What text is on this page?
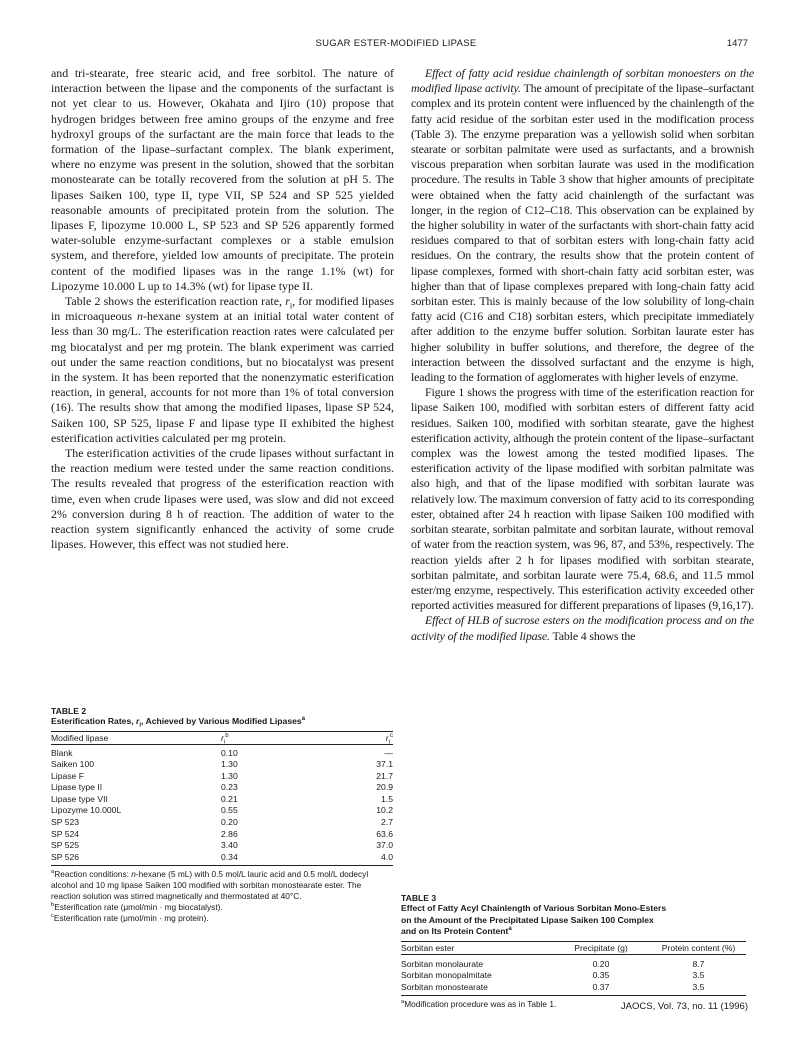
SUGAR ESTER-MODIFIED LIPASE	1477

and tri-stearate, free stearic acid, and free sorbitol. The nature of interaction between the lipase and the components of the surfactant is not yet clear to us. However, Okahata and Ijiro (10) propose that hydrogen bridges between free amino groups of the enzyme and free hydroxyl groups of the surfactant are the main force that leads to the formation of the lipase–surfactant complex. The blank experiment, where no enzyme was present in the solution, showed that the sorbitan monostearate can be totally recovered from the solution at pH 5. The lipases Saiken 100, type II, type VII, SP 524 and SP 525 yielded reasonable amounts of precipitated protein from the solution. The lipases F, lipozyme 10.000 L, SP 523 and SP 526 apparently formed water-soluble enzyme-surfactant complexes or a stable emulsion system, and therefore, yielded low amounts of precipitate. The protein content of the modified lipases was in the range 1.1% (wt) for Lipozyme 10.000 L up to 14.3% (wt) for lipase type II.

Table 2 shows the esterification reaction rate, $r_i$, for modified lipases in microaqueous n-hexane system at an initial total water content of less than 30 mg/L. The esterification reaction rates were calculated per mg biocatalyst and per mg protein. The blank experiment was carried out under the same reaction conditions, but no biocatalyst was present in the system. It has been reported that the nonenzymatic esterification reaction, in general, accounts for not more than 1% of total conversion (16). The results show that among the modified lipases, lipase SP 524, Saiken 100, SP 525, lipase F and lipase type II exhibited the highest esterification activities calculated per mg protein.

The esterification activities of the crude lipases without surfactant in the reaction medium were tested under the same reaction conditions. The results revealed that progress of the esterification reaction with time, even when crude lipases were used, was slow and did not exceed 2% conversion during 8 h of reaction. The addition of water to the reaction system significantly enhanced the activity of some crude lipases. However, this effect was not studied here.

Effect of fatty acid residue chainlength of sorbitan monoesters on the modified lipase activity. The amount of precipitate of the lipase–surfactant complex and its protein content were influenced by the chainlength of the fatty acid residue of the sorbitan ester used in the modification process (Table 3). The enzyme preparation was a yellowish solid when sorbitan stearate or sorbitan palmitate were used as surfactants, and a brownish viscous preparation when sorbitan laurate was used in the modification procedure. The results in Table 3 show that higher amounts of precipitate were obtained when the fatty acid chainlength of the surfactant was longer, in the region of C12–C18. This observation can be explained by the higher solubility in water of the surfactants with short-chain fatty acid residues compared to that of sorbitan esters with long-chain fatty acid residues. On the contrary, the results show that the protein content of lipase complexes, formed with short-chain fatty acid sorbitan ester, was higher than that of lipase complexes prepared with long-chain fatty acid sorbitan ester. This is mainly because of the low solubility of long-chain fatty acid (C16 and C18) sorbitan esters, which precipitate immediately after addition to the enzyme buffer solution. Sorbitan laurate ester has higher solubility in buffer solutions, and therefore, the degree of the interaction between the dissolved surfactant and the enzyme is high, leading to the formation of agglomerates with higher levels of enzyme.

Figure 1 shows the progress with time of the esterification reaction for lipase Saiken 100, modified with sorbitan esters of different fatty acid residues. Saiken 100, modified with sorbitan stearate, gave the highest esterification activity, although the protein content of the lipase–surfactant complex was the lowest among the tested modified lipases. The esterification activity of the lipase modified with sorbitan palmitate was also high, and that of the lipase modified with sorbitan laurate was relatively low. The maximum conversion of fatty acid to its corresponding ester, obtained after 24 h reaction with lipase Saiken 100 modified with sorbitan stearate, sorbitan palmitate and sorbitan laurate, without removal of water from the reaction system, was 96, 87, and 53%, respectively. The reaction yields after 2 h for lipases modified with sorbitan stearate, sorbitan palmitate, and sorbitan laurate were 75.4, 68.6, and 11.5 mmol ester/mg enzyme, respectively. This esterification activity exceeded other reported activities measured for different preparations of lipases (9,16,17).

Effect of HLB of sucrose esters on the modification process and on the activity of the modified lipase. Table 4 shows the

TABLE 2
Esterification Rates, $r_i$, Achieved by Various Modified Lipases$^a$
Modified lipase	$r_i^b$	$r_i^c$
Blank	0.10	—
Saiken 100	1.30	37.1
Lipase F	1.30	21.7
Lipase type II	0.23	20.9
Lipase type VII	0.21	1.5
Lipozyme 10.000L	0.55	10.2
SP 523	0.20	2.7
SP 524	2.86	63.6
SP 525	3.40	37.0
SP 526	0.34	4.0
$^a$Reaction conditions: n-hexane (5 mL) with 0.5 mol/L lauric acid and 0.5 mol/L dodecyl alcohol and 10 mg lipase Saiken 100 modified with sorbitan monostearate ester. The reaction solution was stirred magnetically and thermostated at 40°C.
$^b$Esterification rate (μmol/min · mg biocatalyst).
$^c$Esterification rate (μmol/min · mg protein).
TABLE 3
Effect of Fatty Acyl Chainlength of Various Sorbitan Mono-Esters
on the Amount of the Precipitated Lipase Saiken 100 Complex
and on Its Protein Content$^a$
Sorbitan ester	Precipitate (g)	Protein content (%)
Sorbitan monolaurate	0.20	8.7
Sorbitan monopalmitate	0.35	3.5
Sorbitan monostearate	0.37	3.5
$^a$Modification procedure was as in Table 1.	JAOCS, Vol. 73, no. 11 (1996)
